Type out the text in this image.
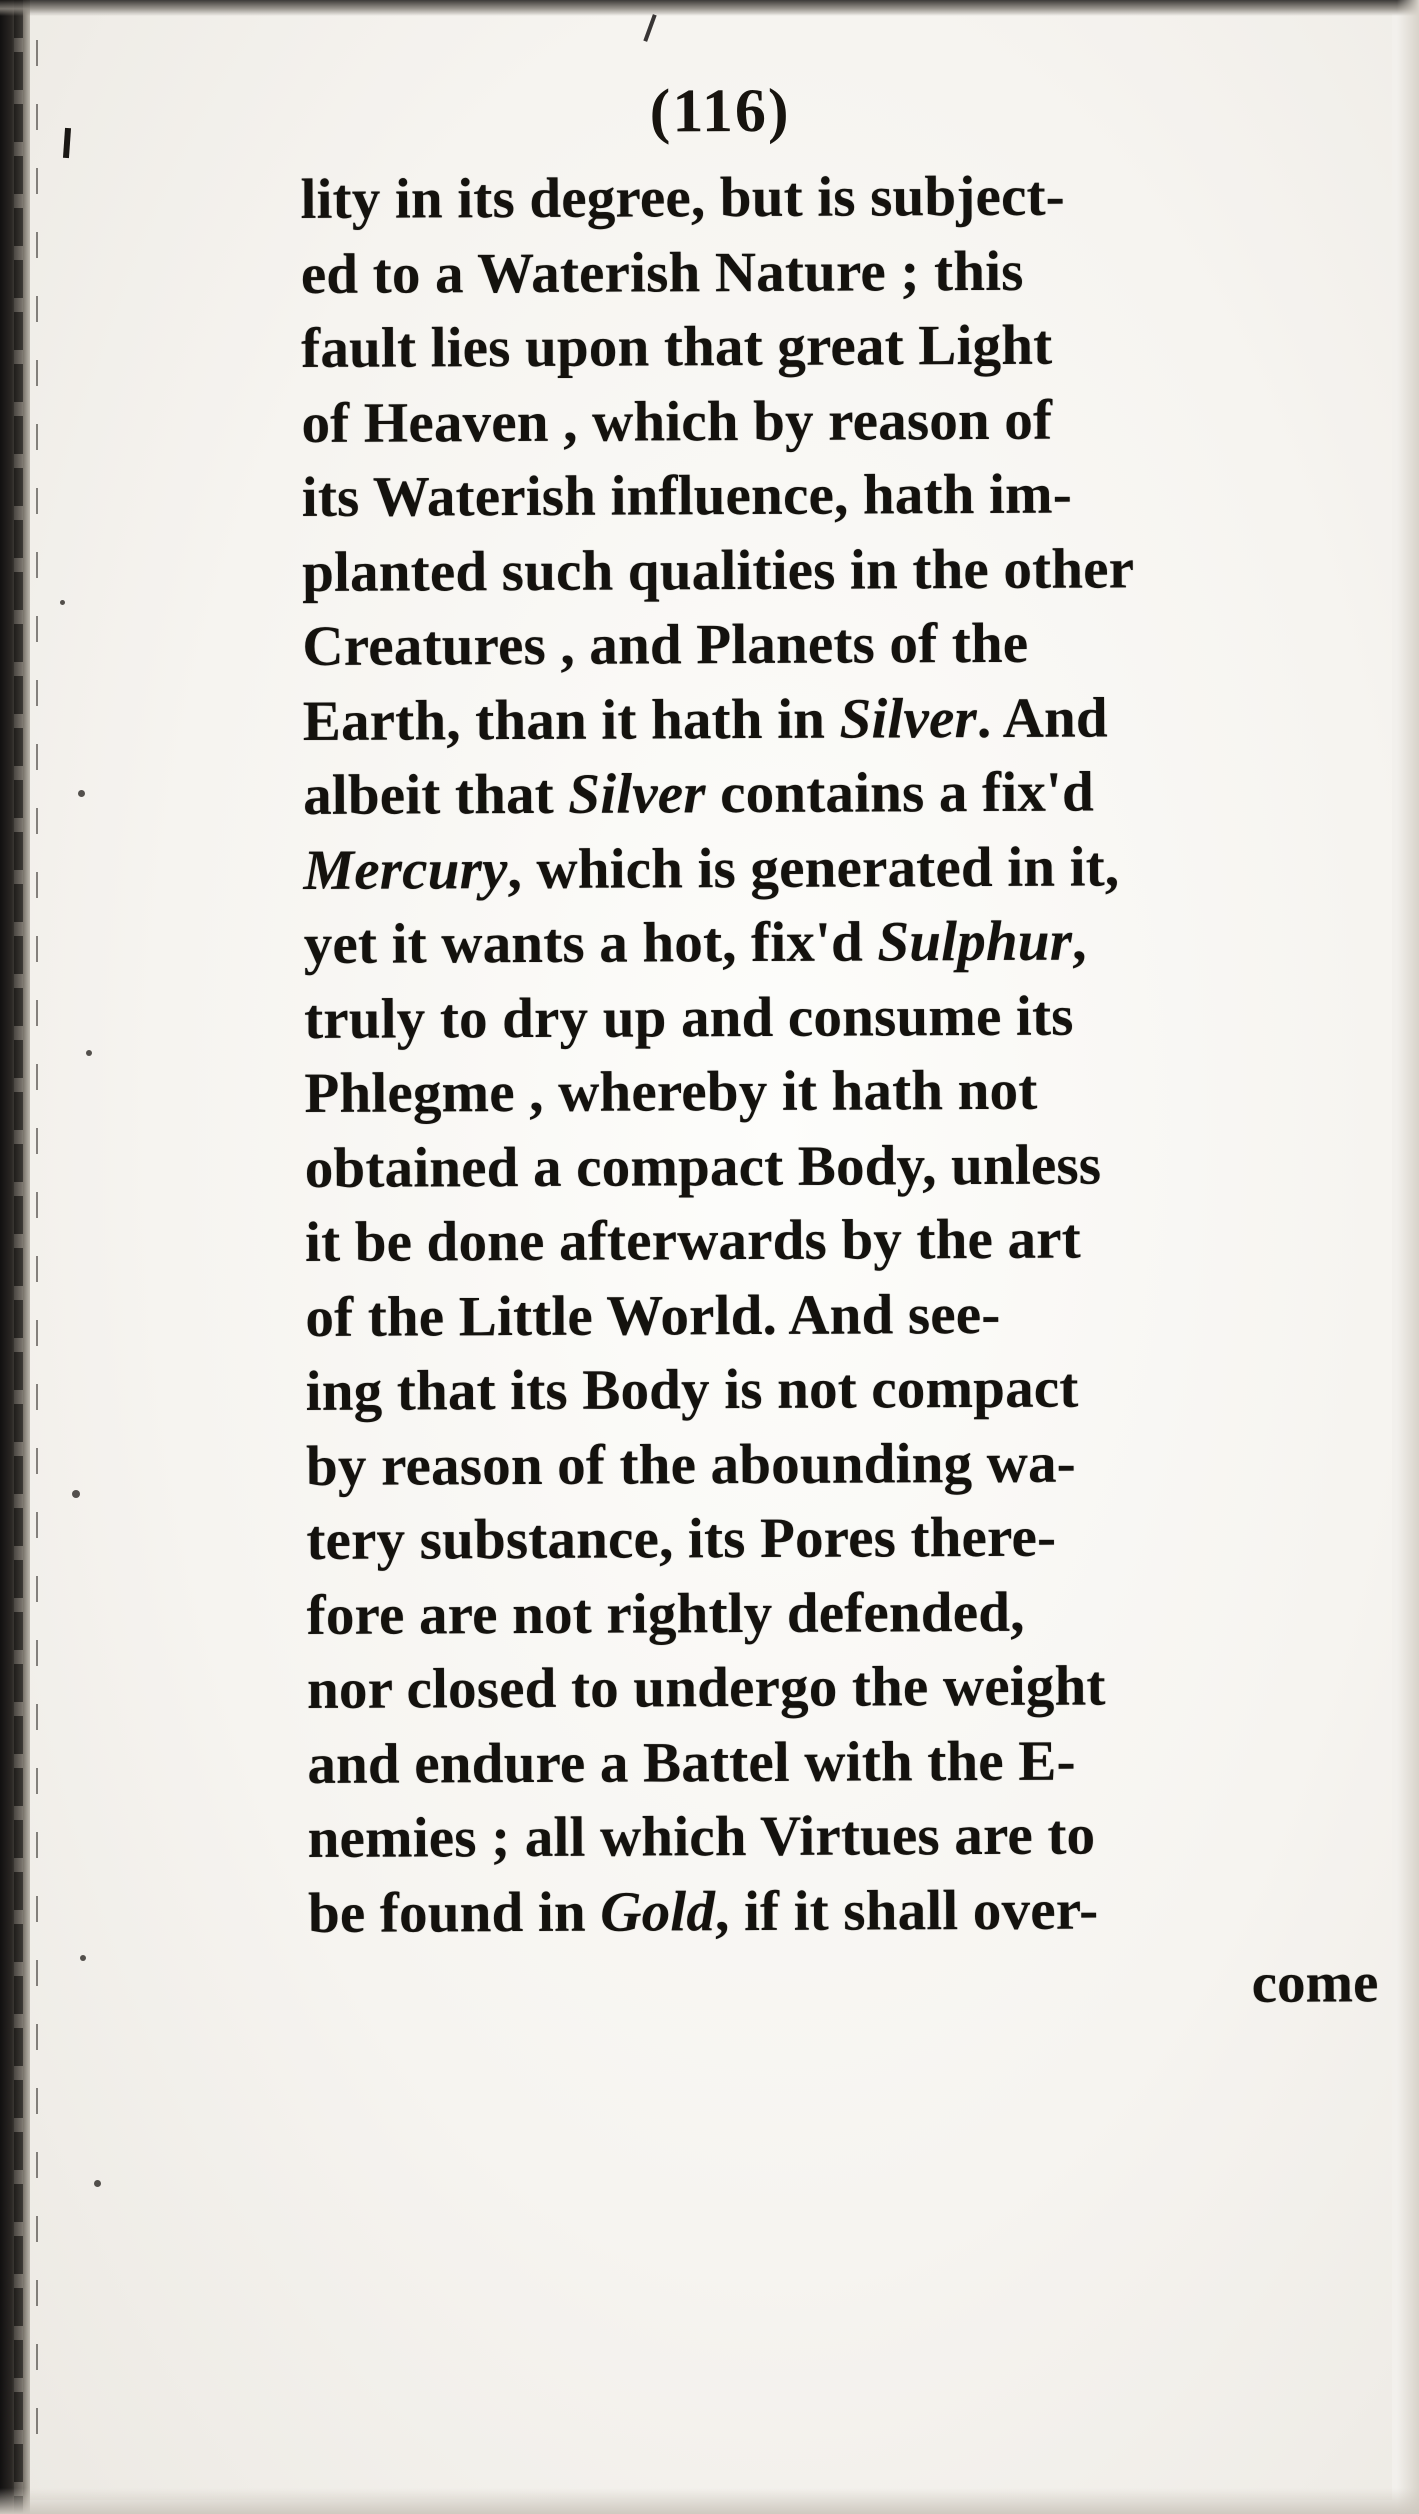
(116)
lity in its degree, but is subject-
ed to a Waterish Nature ; this
fault lies upon that great Light
of Heaven , which by reason of
its Waterish influence, hath im-
planted such qualities in the other
Creatures , and Planets of the
Earth, than it hath in Silver. And
albeit that Silver contains a fix'd
Mercury, which is generated in it,
yet it wants a hot, fix'd Sulphur,
truly to dry up and consume its
Phlegme , whereby it hath not
obtained a compact Body, unless
it be done afterwards by the art
of the Little World. And see-
ing that its Body is not compact
by reason of the abounding wa-
tery substance, its Pores there-
fore are not rightly defended,
nor closed to undergo the weight
and endure a Battel with the E-
nemies ; all which Virtues are to
be found in Gold, if it shall over-
come
